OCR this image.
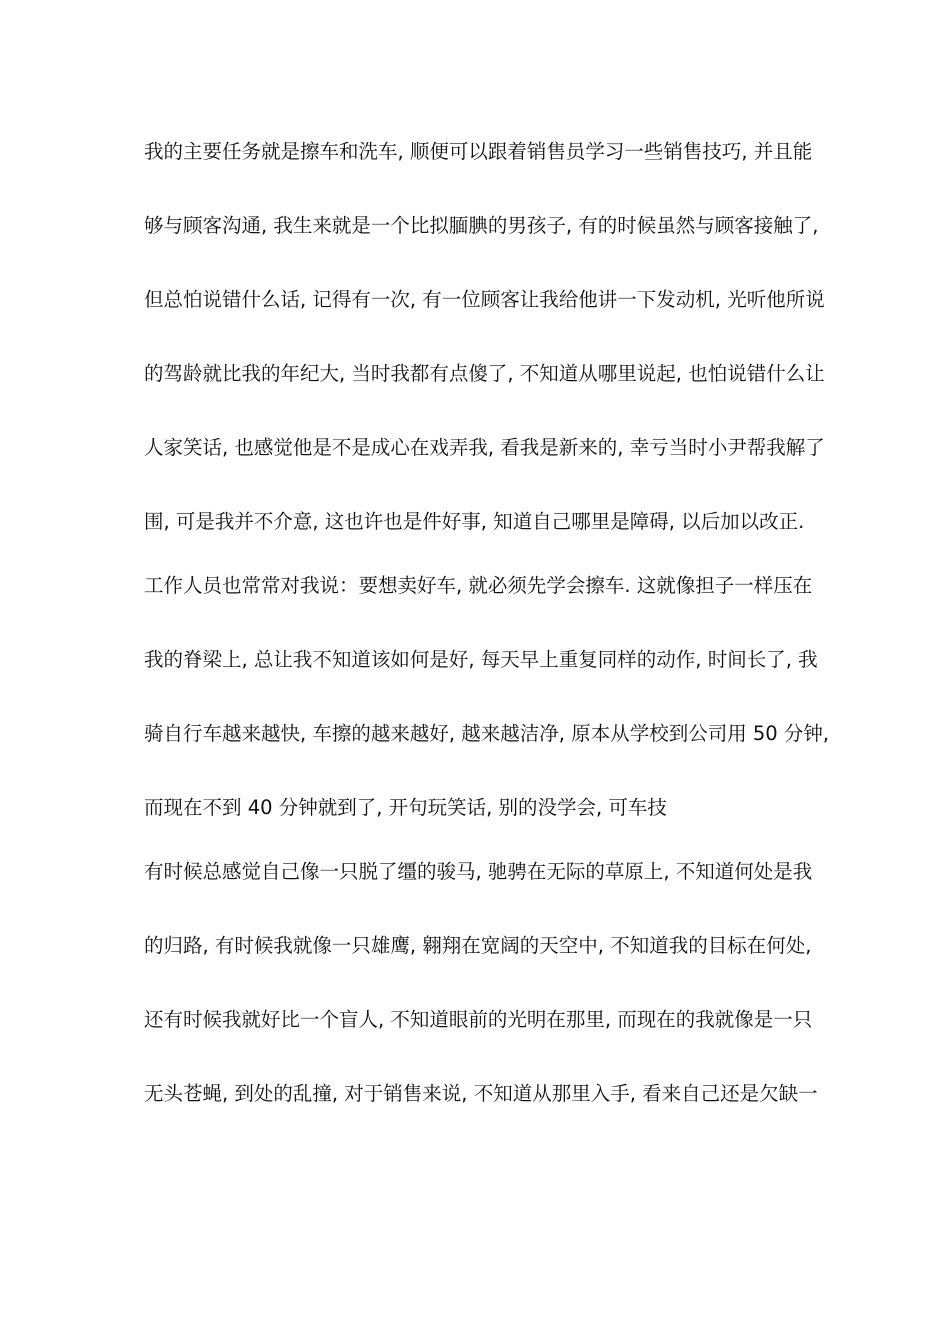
我的主要任务就是擦车和洗车, 顺便可以跟着销售员学习一些销售技巧, 并且能
够与顾客沟通, 我生来就是一个比拟腼腆的男孩子, 有的时候虽然与顾客接触了,
但总怕说错什么话, 记得有一次, 有一位顾客让我给他讲一下发动机, 光听他所说
的驾龄就比我的年纪大, 当时我都有点傻了, 不知道从哪里说起, 也怕说错什么让
人家笑话, 也感觉他是不是成心在戏弄我, 看我是新来的, 幸亏当时小尹帮我解了
围, 可是我并不介意, 这也许也是件好事, 知道自己哪里是障碍, 以后加以改正.
工作人员也常常对我说：要想卖好车, 就必须先学会擦车. 这就像担子一样压在
我的脊梁上, 总让我不知道该如何是好, 每天早上重复同样的动作, 时间长了, 我
骑自行车越来越快, 车擦的越来越好, 越来越洁净, 原本从学校到公司用 50 分钟,
而现在不到 40 分钟就到了, 开句玩笑话, 别的没学会, 可车技
有时候总感觉自己像一只脱了缰的骏马, 驰骋在无际的草原上, 不知道何处是我
的归路, 有时候我就像一只雄鹰, 翱翔在宽阔的天空中, 不知道我的目标在何处,
还有时候我就好比一个盲人, 不知道眼前的光明在那里, 而现在的我就像是一只
无头苍蝇, 到处的乱撞, 对于销售来说, 不知道从那里入手, 看来自己还是欠缺一
